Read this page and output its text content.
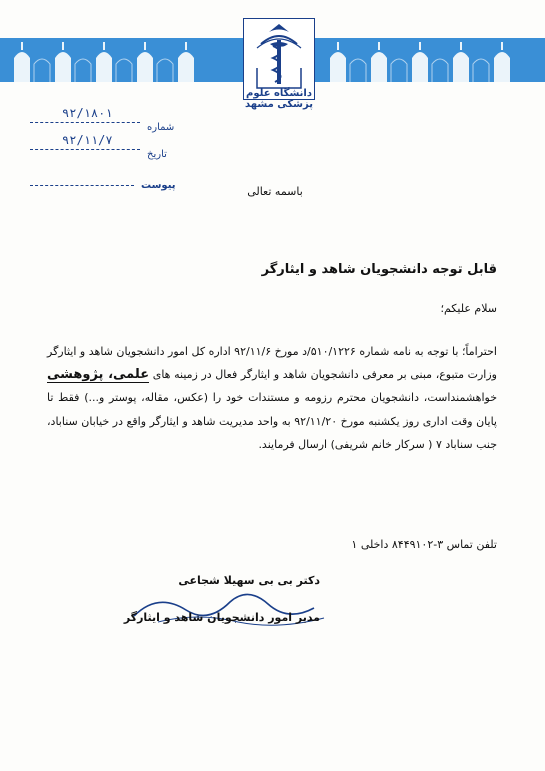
دانشگاه علوم پزشکی مشهد
شماره
۹۲/۱۸۰۱
تاریخ
۹۲/۱۱/۷
پیوست	باسمه تعالی
قابل توجه دانشجویان شاهد و ایثارگر
سلام علیکم؛

احتراماً؛ با توجه به نامه شماره ۵۱۰/۱۲۲۶/د مورخ ۹۲/۱۱/۶ اداره کل امور دانشجویان شاهد و ایثارگر وزارت متبوع، مبنی بر معرفی دانشجویان شاهد و ایثارگر فعال در زمینه های علمی، پژوهشی خواهشمنداست، دانشجویان محترم رزومه و مستندات خود را (عکس، مقاله، پوستر و...) فقط تا پایان وقت اداری روز یکشنبه مورخ ۹۲/۱۱/۲۰ به واحد مدیریت شاهد و ایثارگر واقع در خیابان سناباد، جنب سناباد ۷ ( سرکار خانم شریفی) ارسال فرمایند.

تلفن تماس ۳-۸۴۴۹۱۰۲ داخلی ۱
دکتر بی بی سهیلا شجاعی
مدیر امور دانشجویان شاهد و ایثارگر
